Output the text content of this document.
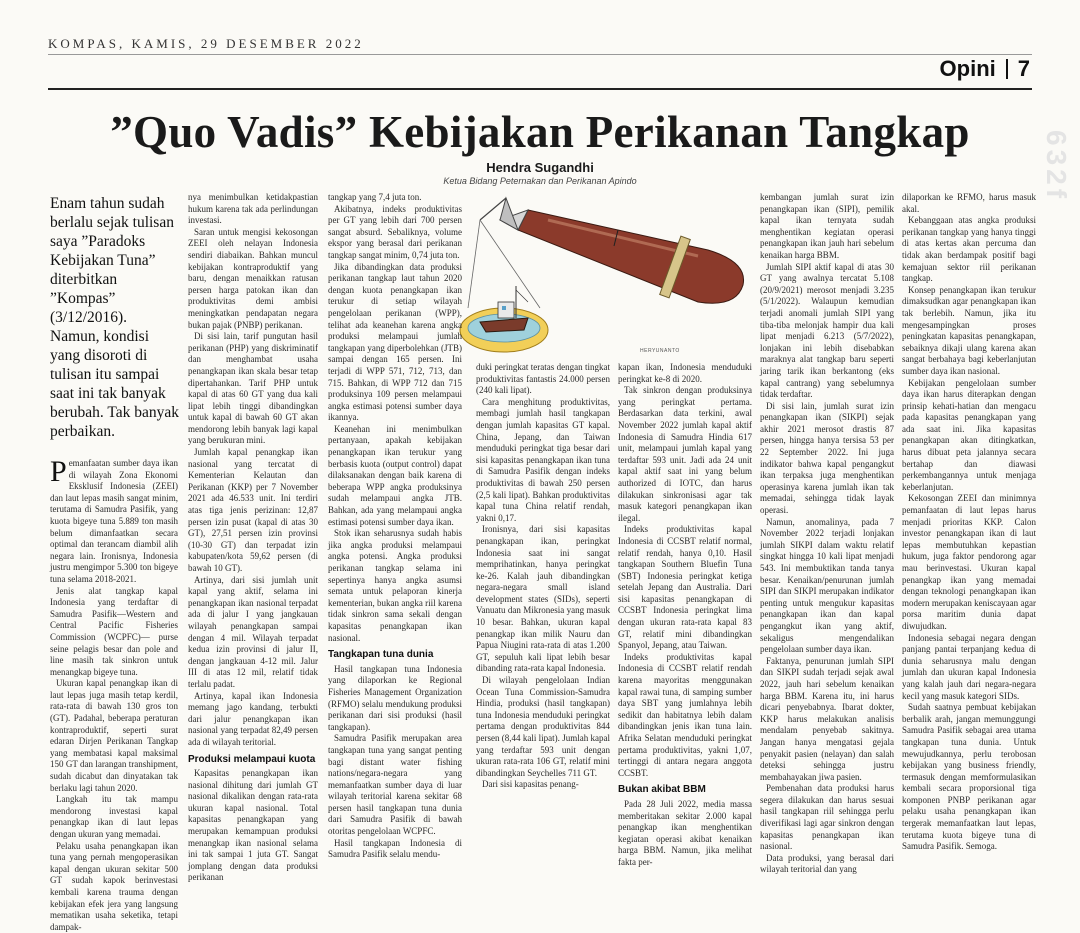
KOMPAS, KAMIS, 29 DESEMBER 2022
Opini 7
632f
”Quo Vadis” Kebijakan Perikanan Tangkap
Hendra Sugandhi
Ketua Bidang Peternakan dan Perikanan Apindo
Enam tahun sudah berlalu sejak tulisan saya ”Paradoks Kebijakan Tuna” diterbitkan ”Kompas” (3/12/2016). Namun, kondisi yang disoroti di tulisan itu sampai saat ini tak banyak berubah. Tak banyak perbaikan.
HERYUNANTO

Pemanfaatan sumber daya ikan di wilayah Zona Ekonomi Eksklusif Indonesia (ZEEI) dan laut lepas masih sangat minim, terutama di Samudra Pasifik, yang kuota bigeye tuna 5.889 ton masih belum dimanfaatkan secara optimal dan terancam diambil alih negara lain. Ironisnya, Indonesia justru mengimpor 5.300 ton bigeye tuna selama 2018-2021.

Jenis alat tangkap kapal Indonesia yang terdaftar di Samudra Pasifik—Western and Central Pacific Fisheries Commission (WCPFC)— purse seine pelagis besar dan pole and line masih tak sinkron untuk menangkap bigeye tuna.

Ukuran kapal penangkap ikan di laut lepas juga masih tetap kerdil, rata-rata di bawah 130 gros ton (GT). Padahal, beberapa peraturan kontraproduktif, seperti surat edaran Dirjen Perikanan Tangkap yang membatasi kapal maksimal 150 GT dan larangan transhipment, sudah dicabut dan dinyatakan tak berlaku lagi tahun 2020.

Langkah itu tak mampu mendorong investasi kapal penangkap ikan di laut lepas dengan ukuran yang memadai.

Pelaku usaha penangkapan ikan tuna yang pernah mengoperasikan kapal dengan ukuran sekitar 500 GT sudah kapok berinvestasi kembali karena trauma dengan kebijakan efek jera yang langsung mematikan usaha seketika, tetapi dampak-

nya menimbulkan ketidakpastian hukum karena tak ada perlindungan investasi.

Saran untuk mengisi kekosongan ZEEI oleh nelayan Indonesia sendiri diabaikan. Bahkan muncul kebijakan kontraproduktif yang baru, dengan menaikkan ratusan persen harga patokan ikan dan produktivitas demi ambisi meningkatkan pendapatan negara bukan pajak (PNBP) perikanan.

Di sisi lain, tarif pungutan hasil perikanan (PHP) yang diskriminatif dan menghambat usaha penangkapan ikan skala besar tetap dipertahankan. Tarif PHP untuk kapal di atas 60 GT yang dua kali lipat lebih tinggi dibandingkan untuk kapal di bawah 60 GT akan mendorong lebih banyak lagi kapal yang berukuran mini.

Jumlah kapal penangkap ikan nasional yang tercatat di Kementerian Kelautan dan Perikanan (KKP) per 7 November 2021 ada 46.533 unit. Ini terdiri atas tiga jenis perizinan: 12,87 persen izin pusat (kapal di atas 30 GT), 27,51 persen izin provinsi (10-30 GT) dan terpadat izin kabupaten/kota 59,62 persen (di bawah 10 GT).

Artinya, dari sisi jumlah unit kapal yang aktif, selama ini penangkapan ikan nasional terpadat ada di jalur I yang jangkauan wilayah penangkapan sampai dengan 4 mil. Wilayah terpadat kedua izin provinsi di jalur II, dengan jangkauan 4-12 mil. Jalur III di atas 12 mil, relatif tidak terlalu padat.

Artinya, kapal ikan Indonesia memang jago kandang, terbukti dari jalur penangkapan ikan nasional yang terpadat 82,49 persen ada di wilayah teritorial.

Produksi melampaui kuota

Kapasitas penangkapan ikan nasional dihitung dari jumlah GT nasional dikalikan dengan rata-rata ukuran kapal nasional. Total kapasitas penangkapan yang merupakan kemampuan produksi menangkap ikan nasional selama ini tak sampai 1 juta GT. Sangat jomplang dengan data produksi perikanan

tangkap yang 7,4 juta ton.

Akibatnya, indeks produktivitas per GT yang lebih dari 700 persen sangat absurd. Sebaliknya, volume ekspor yang berasal dari perikanan tangkap sangat minim, 0,74 juta ton.

Jika dibandingkan data produksi perikanan tangkap laut tahun 2020 dengan kuota penangkapan ikan terukur di setiap wilayah pengelolaan perikanan (WPP), telihat ada keanehan karena angka produksi melampaui jumlah tangkapan yang diperbolehkan (JTB) sampai dengan 165 persen. Ini terjadi di WPP 571, 712, 713, dan 715. Bahkan, di WPP 712 dan 715 produksinya 109 persen melampaui angka estimasi potensi sumber daya ikannya.

Keanehan ini menimbulkan pertanyaan, apakah kebijakan penangkapan ikan terukur yang berbasis kuota (output control) dapat dilaksanakan dengan baik karena di beberapa WPP angka produksinya sudah melampaui angka JTB. Bahkan, ada yang melampaui angka estimasi potensi sumber daya ikan.

Stok ikan seharusnya sudah habis jika angka produksi melampaui angka potensi. Angka produksi perikanan tangkap selama ini sepertinya hanya angka asumsi semata untuk pelaporan kinerja kementerian, bukan angka riil karena tidak sinkron sama sekali dengan kapasitas penangkapan ikan nasional.

Tangkapan tuna dunia

Hasil tangkapan tuna Indonesia yang dilaporkan ke Regional Fisheries Management Organization (RFMO) selalu mendukung produksi perikanan dari sisi produksi (hasil tangkapan).

Samudra Pasifik merupakan area tangkapan tuna yang sangat penting bagi distant water fishing nations/negara-negara yang memanfaatkan sumber daya di luar wilayah teritorial karena sekitar 68 persen hasil tangkapan tuna dunia dari Samudra Pasifik di bawah otoritas pengelolaan WCPFC.

Hasil tangkapan Indonesia di Samudra Pasifik selalu mendu-

duki peringkat teratas dengan tingkat produktivitas fantastis 24.000 persen (240 kali lipat).

Cara menghitung produktivitas, membagi jumlah hasil tangkapan dengan jumlah kapasitas GT kapal. China, Jepang, dan Taiwan menduduki peringkat tiga besar dari sisi kapasitas penangkapan ikan tuna di Samudra Pasifik dengan indeks produktivitas di bawah 250 persen (2,5 kali lipat). Bahkan produktivitas kapal tuna China relatif rendah, yakni 0,17.

Ironisnya, dari sisi kapasitas penangkapan ikan, peringkat Indonesia saat ini sangat memprihatinkan, hanya peringkat ke-26. Kalah jauh dibandingkan negara-negara small island development states (SIDs), seperti Vanuatu dan Mikronesia yang masuk 10 besar. Bahkan, ukuran kapal penangkap ikan milik Nauru dan Papua Niugini rata-rata di atas 1.200 GT, sepuluh kali lipat lebih besar dibanding rata-rata kapal Indonesia.

Di wilayah pengelolaan Indian Ocean Tuna Commission-Samudra Hindia, produksi (hasil tangkapan) tuna Indonesia menduduki peringkat pertama dengan produktivitas 844 persen (8,44 kali lipat). Jumlah kapal yang terdaftar 593 unit dengan ukuran rata-rata 106 GT, relatif mini dibandingkan Seychelles 711 GT.

Dari sisi kapasitas penang-

kapan ikan, Indonesia menduduki peringkat ke-8 di 2020.

Tak sinkron dengan produksinya yang peringkat pertama. Berdasarkan data terkini, awal November 2022 jumlah kapal aktif Indonesia di Samudra Hindia 617 unit, melampaui jumlah kapal yang terdaftar 593 unit. Jadi ada 24 unit kapal aktif saat ini yang belum authorized di IOTC, dan harus dilakukan sinkronisasi agar tak masuk kategori penangkapan ikan ilegal.

Indeks produktivitas kapal Indonesia di CCSBT relatif normal, relatif rendah, hanya 0,10. Hasil tangkapan Southern Bluefin Tuna (SBT) Indonesia peringkat ketiga setelah Jepang dan Australia. Dari sisi kapasitas penangkapan di CCSBT Indonesia peringkat lima dengan ukuran rata-rata kapal 83 GT, relatif mini dibandingkan Spanyol, Jepang, atau Taiwan.

Indeks produktivitas kapal Indonesia di CCSBT relatif rendah karena mayoritas menggunakan kapal rawai tuna, di samping sumber daya SBT yang jumlahnya lebih sedikit dan habitatnya lebih dalam dibandingkan jenis ikan tuna lain. Afrika Selatan menduduki peringkat pertama produktivitas, yakni 1,07, tertinggi di antara negara anggota CCSBT.

Bukan akibat BBM

Pada 28 Juli 2022, media massa memberitakan sekitar 2.000 kapal penangkap ikan menghentikan kegiatan operasi akibat kenaikan harga BBM. Namun, jika melihat fakta per-

kembangan jumlah surat izin penangkapan ikan (SIPI), pemilik kapal ikan ternyata sudah menghentikan kegiatan operasi penangkapan ikan jauh hari sebelum kenaikan harga BBM.

Jumlah SIPI aktif kapal di atas 30 GT yang awalnya tercatat 5.108 (20/9/2021) merosot menjadi 3.235 (5/1/2022). Walaupun kemudian terjadi anomali jumlah SIPI yang tiba-tiba melonjak hampir dua kali lipat menjadi 6.213 (5/7/2022), lonjakan ini lebih disebabkan maraknya alat tangkap baru seperti jaring tarik ikan berkantong (eks kapal cantrang) yang sebelumnya tidak terdaftar.

Di sisi lain, jumlah surat izin penangkapan ikan (SIKPI) sejak akhir 2021 merosot drastis 87 persen, hingga hanya tersisa 53 per 22 September 2022. Ini juga indikator bahwa kapal pengangkut ikan terpaksa juga menghentikan operasinya karena jumlah ikan tak memadai, sehingga tidak layak operasi.

Namun, anomalinya, pada 7 November 2022 terjadi lonjakan jumlah SIKPI dalam waktu relatif singkat hingga 10 kali lipat menjadi 543. Ini membuktikan tanda tanya besar. Kenaikan/penurunan jumlah SIPI dan SIKPI merupakan indikator penting untuk mengukur kapasitas penangkapan ikan dan kapal pengangkut ikan yang aktif, sekaligus mengendalikan pengelolaan sumber daya ikan.

Faktanya, penurunan jumlah SIPI dan SIKPI sudah terjadi sejak awal 2022, jauh hari sebelum kenaikan harga BBM. Karena itu, ini harus dicari penyebabnya. Ibarat dokter, KKP harus melakukan analisis mendalam penyebab sakitnya. Jangan hanya mengatasi gejala penyakit pasien (nelayan) dan salah deteksi sehingga justru membahayakan jiwa pasien.

Pembenahan data produksi harus segera dilakukan dan harus sesuai hasil tangkapan riil sehingga perlu diverifikasi lagi agar sinkron dengan kapasitas penangkapan ikan nasional.

Data produksi, yang berasal dari wilayah teritorial dan yang

dilaporkan ke RFMO, harus masuk akal.

Kebanggaan atas angka produksi perikanan tangkap yang hanya tinggi di atas kertas akan percuma dan tidak akan berdampak positif bagi kemajuan sektor riil perikanan tangkap.

Konsep penangkapan ikan terukur dimaksudkan agar penangkapan ikan tak berlebih. Namun, jika itu mengesampingkan proses peningkatan kapasitas penangkapan, sebaiknya dikaji ulang karena akan sangat berbahaya bagi keberlanjutan sumber daya ikan nasional.

Kebijakan pengelolaan sumber daya ikan harus diterapkan dengan prinsip kehati-hatian dan mengacu pada kapasitas penangkapan yang ada saat ini. Jika kapasitas penangkapan akan ditingkatkan, harus dibuat peta jalannya secara bertahap dan diawasi perkembangannya untuk menjaga keberlanjutan.

Kekosongan ZEEI dan minimnya pemanfaatan di laut lepas harus menjadi prioritas KKP. Calon investor penangkapan ikan di laut lepas membutuhkan kepastian hukum, juga faktor pendorong agar mau berinvestasi. Ukuran kapal penangkap ikan yang memadai dengan teknologi penangkapan ikan modern merupakan keniscayaan agar porsa maritim dunia dapat diwujudkan.

Indonesia sebagai negara dengan panjang pantai terpanjang kedua di dunia seharusnya malu dengan jumlah dan ukuran kapal Indonesia yang kalah jauh dari negara-negara kecil yang masuk kategori SIDs.

Sudah saatnya pembuat kebijakan berbalik arah, jangan memunggungi Samudra Pasifik sebagai area utama tangkapan tuna dunia. Untuk mewujudkannya, perlu terobosan kebijakan yang business friendly, termasuk dengan memformulasikan kembali secara proporsional tiga komponen PNBP perikanan agar pelaku usaha penangkapan ikan tergerak memanfaatkan laut lepas, terutama kuota bigeye tuna di Samudra Pasifik. Semoga.
